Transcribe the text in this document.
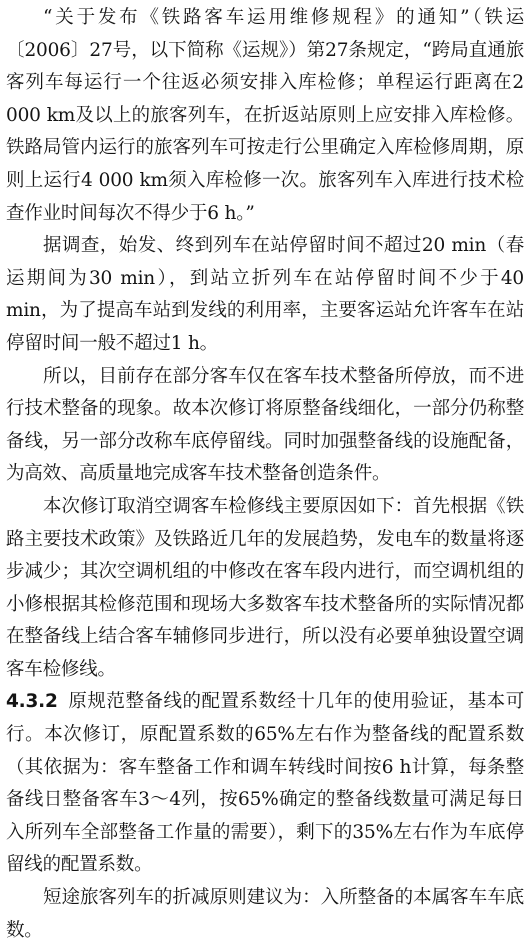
“关于发布《铁路客车运用维修规程》的通知”（铁运〔2006〕27号，以下简称《运规》）第27条规定，“跨局直通旅客列车每运行一个往返必须安排入库检修；单程运行距离在2 000 km及以上的旅客列车，在折返站原则上应安排入库检修。铁路局管内运行的旅客列车可按走行公里确定入库检修周期，原则上运行4 000 km须入库检修一次。旅客列车入库进行技术检查作业时间每次不得少于6 h。”

据调查，始发、终到列车在站停留时间不超过20 min（春运期间为30 min），到站立折列车在站停留时间不少于40 min，为了提高车站到发线的利用率，主要客运站允许客车在站停留时间一般不超过1 h。

所以，目前存在部分客车仅在客车技术整备所停放，而不进行技术整备的现象。故本次修订将原整备线细化，一部分仍称整备线，另一部分改称车底停留线。同时加强整备线的设施配备，为高效、高质量地完成客车技术整备创造条件。

本次修订取消空调客车检修线主要原因如下：首先根据《铁路主要技术政策》及铁路近几年的发展趋势，发电车的数量将逐步减少；其次空调机组的中修改在客车段内进行，而空调机组的小修根据其检修范围和现场大多数客车技术整备所的实际情况都在整备线上结合客车辅修同步进行，所以没有必要单独设置空调客车检修线。

4.3.2 原规范整备线的配置系数经十几年的使用验证，基本可行。本次修订，原配置系数的65%左右作为整备线的配置系数（其依据为：客车整备工作和调车转线时间按6 h计算，每条整备线日整备客车3～4列，按65%确定的整备线数量可满足每日入所列车全部整备工作量的需要），剩下的35%左右作为车底停留线的配置系数。

短途旅客列车的折减原则建议为：入所整备的本属客车车底数。
